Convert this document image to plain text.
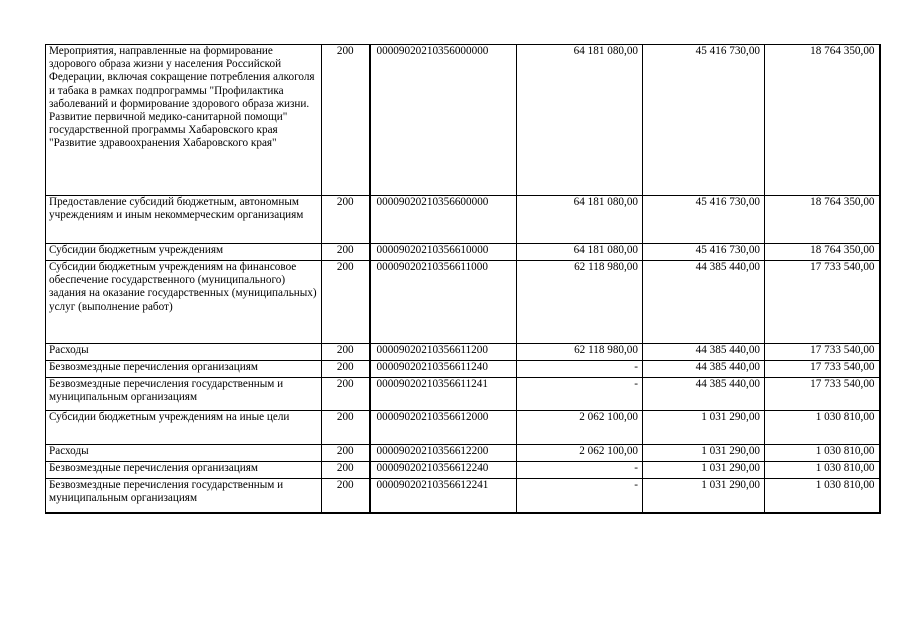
Мероприятия, направленные на формирование здорового образа жизни у населения Российской Федерации, включая сокращение потребления алкоголя и табака в рамках подпрограммы "Профилактика заболеваний и формирование здорового образа жизни. Развитие первичной медико-санитарной помощи" государственной программы Хабаровского края "Развитие здравоохранения Хабаровского края"	200	00009020210356000000	64 181 080,00	45 416 730,00	18 764 350,00
Предоставление субсидий бюджетным, автономным учреждениям и иным некоммерческим организациям	200	00009020210356600000	64 181 080,00	45 416 730,00	18 764 350,00
Субсидии бюджетным учреждениям	200	00009020210356610000	64 181 080,00	45 416 730,00	18 764 350,00
Субсидии бюджетным учреждениям на финансовое обеспечение государственного (муниципального) задания на оказание государственных (муниципальных) услуг (выполнение работ)	200	00009020210356611000	62 118 980,00	44 385 440,00	17 733 540,00
Расходы	200	00009020210356611200	62 118 980,00	44 385 440,00	17 733 540,00
Безвозмездные перечисления организациям	200	00009020210356611240	-	44 385 440,00	17 733 540,00
Безвозмездные перечисления государственным и муниципальным организациям	200	00009020210356611241	-	44 385 440,00	17 733 540,00
Субсидии бюджетным учреждениям на иные цели	200	00009020210356612000	2 062 100,00	1 031 290,00	1 030 810,00
Расходы	200	00009020210356612200	2 062 100,00	1 031 290,00	1 030 810,00
Безвозмездные перечисления организациям	200	00009020210356612240	-	1 031 290,00	1 030 810,00
Безвозмездные перечисления государственным и муниципальным организациям	200	00009020210356612241	-	1 031 290,00	1 030 810,00
